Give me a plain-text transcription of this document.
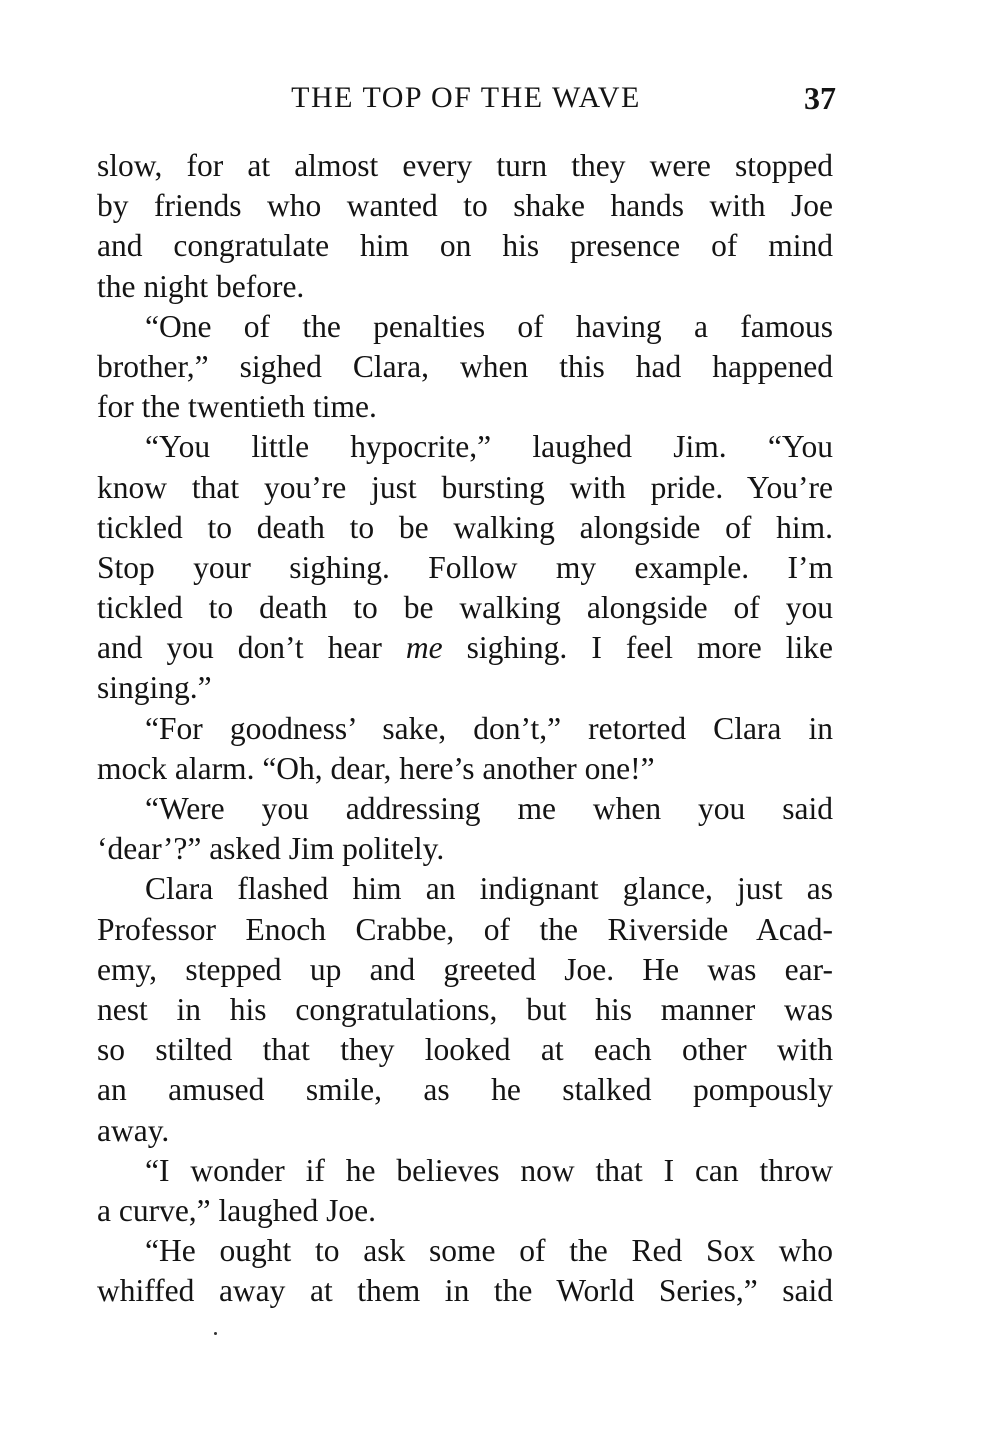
THE TOP OF THE WAVE	37
slow, for at almost every turn they were stopped
by friends who wanted to shake hands with Joe
and congratulate him on his presence of mind
the night before.
“One of the penalties of having a famous
brother,” sighed Clara, when this had happened
for the twentieth time.
“You little hypocrite,” laughed Jim. “You
know that you’re just bursting with pride. You’re
tickled to death to be walking alongside of him.
Stop your sighing. Follow my example. I’m
tickled to death to be walking alongside of you
and you don’t hear me sighing. I feel more like
singing.”
“For goodness’ sake, don’t,” retorted Clara in
mock alarm. “Oh, dear, here’s another one!”
“Were you addressing me when you said
‘dear’?” asked Jim politely.
Clara flashed him an indignant glance, just as
Professor Enoch Crabbe, of the Riverside Acad-
emy, stepped up and greeted Joe. He was ear-
nest in his congratulations, but his manner was
so stilted that they looked at each other with
an amused smile, as he stalked pompously
away.
“I wonder if he believes now that I can throw
a curve,” laughed Joe.
“He ought to ask some of the Red Sox who
whiffed away at them in the World Series,” said
